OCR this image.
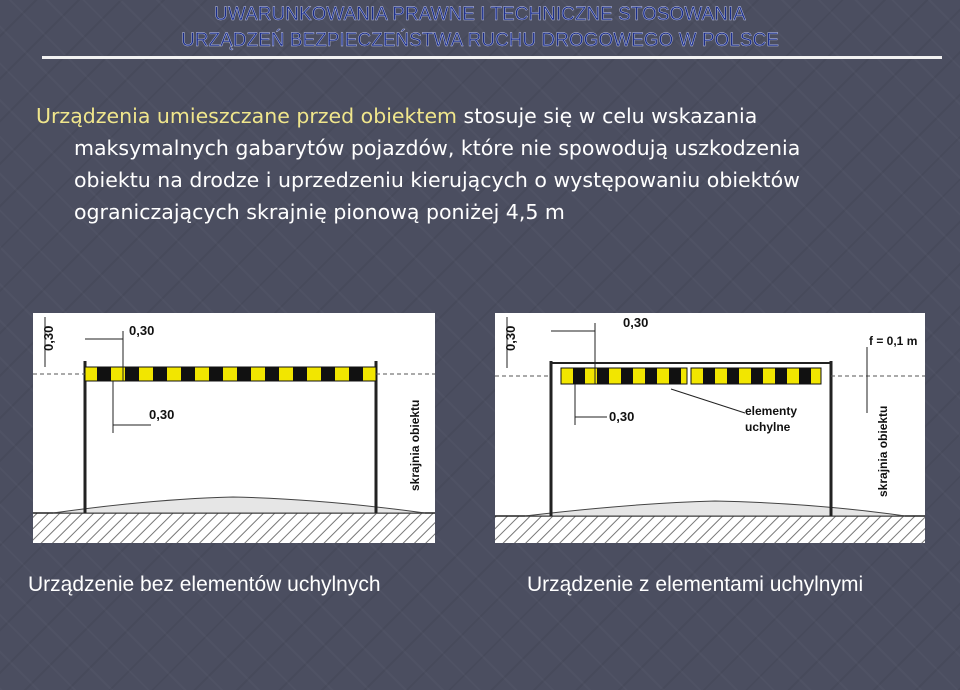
UWARUNKOWANIA PRAWNE I TECHNICZNE STOSOWANIA
URZĄDZEŃ BEZPIECZEŃSTWA RUCHU DROGOWEGO W POLSCE
Urządzenia umieszczane przed obiektem stosuje się w celu wskazania
maksymalnych gabarytów pojazdów, które nie spowodują uszkodzenia
obiektu na drodze i uprzedzeniu kierujących o występowaniu obiektów
ograniczających skrajnię pionową poniżej 4,5 m
0,30	0,30
0,30	skrajnia obiektu
0,30
0,30
0,30	elementy
uchylne
f = 0,1 m
skrajnia obiektu
Urządzenie bez elementów uchylnych	Urządzenie z elementami uchylnymi
